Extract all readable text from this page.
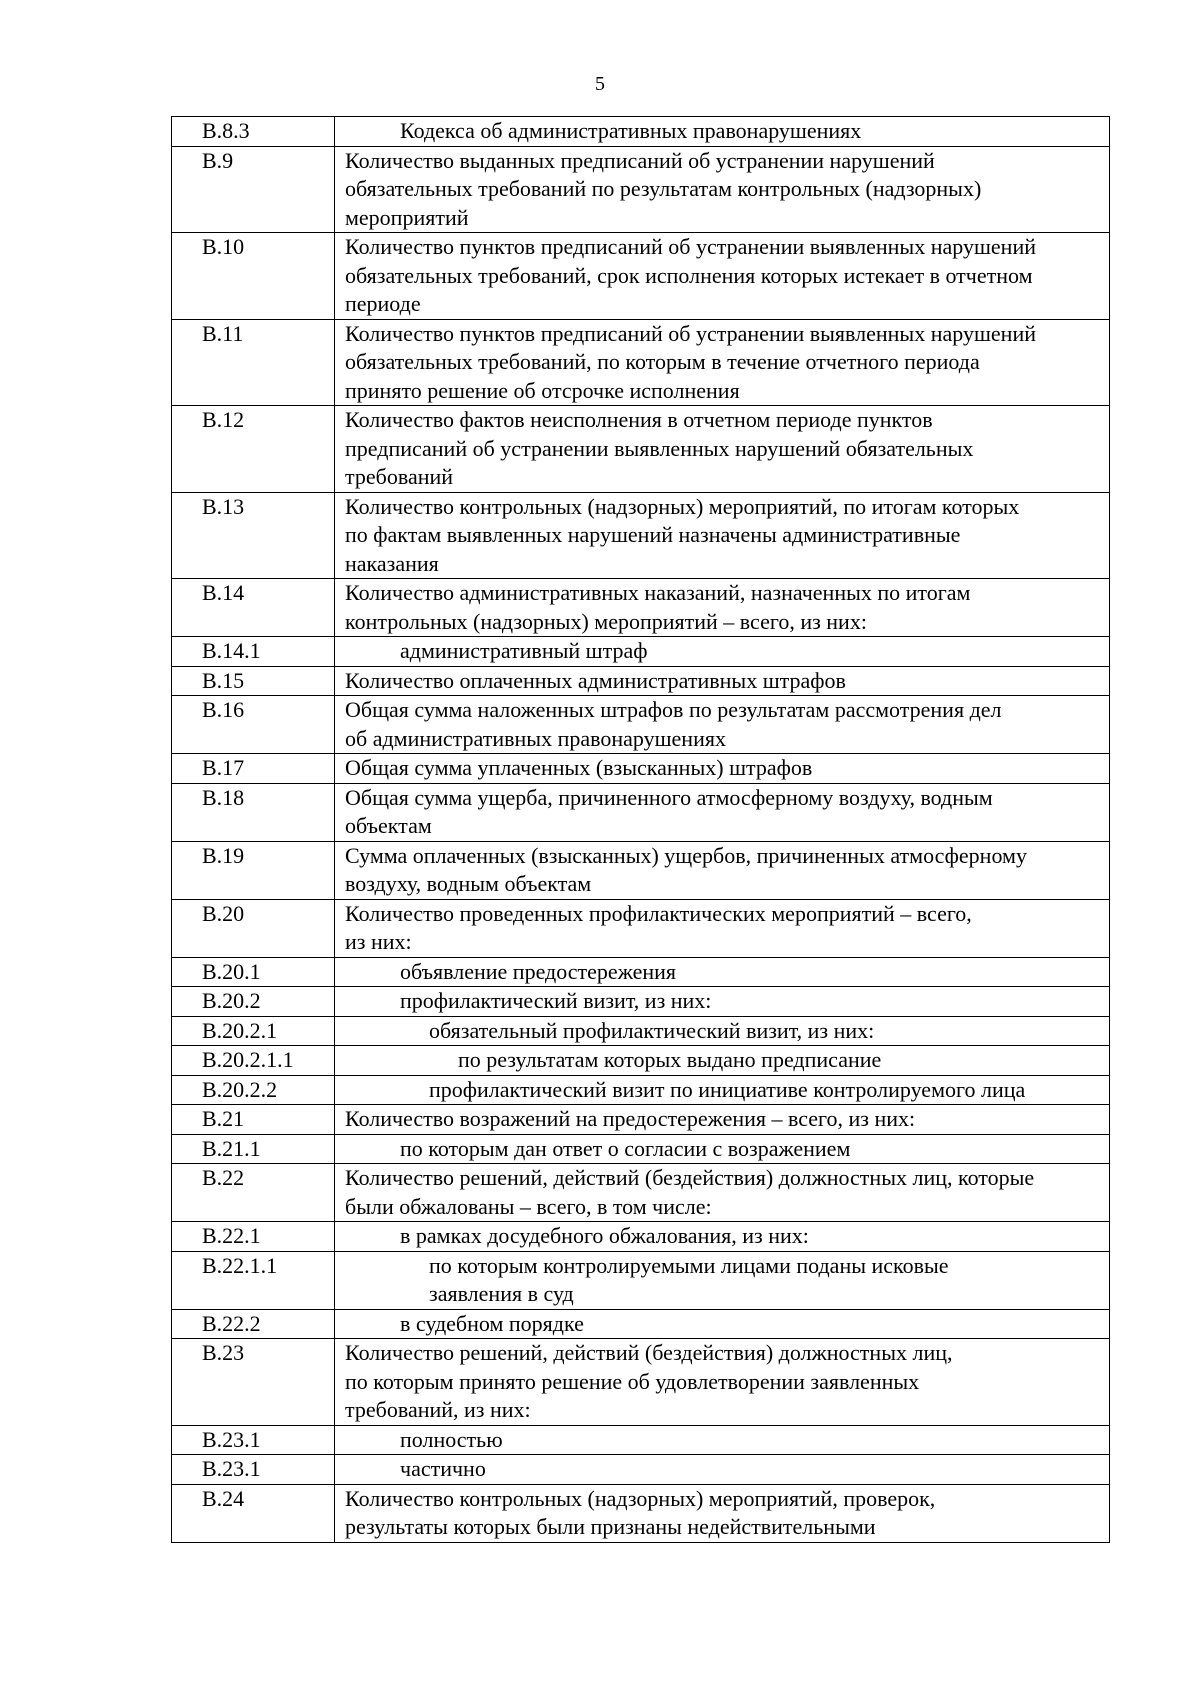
5
В.8.3	Кодекса об административных правонарушениях

В.9	Количество выданных предписаний об устранении нарушений
обязательных требований по результатам контрольных (надзорных)
мероприятий

В.10	Количество пунктов предписаний об устранении выявленных нарушений
обязательных требований, срок исполнения которых истекает в отчетном
периоде

В.11	Количество пунктов предписаний об устранении выявленных нарушений
обязательных требований, по которым в течение отчетного периода
принято решение об отсрочке исполнения

В.12	Количество фактов неисполнения в отчетном периоде пунктов
предписаний об устранении выявленных нарушений обязательных
требований

В.13	Количество контрольных (надзорных) мероприятий, по итогам которых
по фактам выявленных нарушений назначены административные
наказания

В.14	Количество административных наказаний, назначенных по итогам
контрольных (надзорных) мероприятий – всего, из них:

В.14.1	административный штраф

В.15	Количество оплаченных административных штрафов

В.16	Общая сумма наложенных штрафов по результатам рассмотрения дел
об административных правонарушениях

В.17	Общая сумма уплаченных (взысканных) штрафов

В.18	Общая сумма ущерба, причиненного атмосферному воздуху, водным
объектам

В.19	Сумма оплаченных (взысканных) ущербов, причиненных атмосферному
воздуху, водным объектам

В.20	Количество проведенных профилактических мероприятий – всего,
из них:

В.20.1	объявление предостережения

В.20.2	профилактический визит, из них:

В.20.2.1	обязательный профилактический визит, из них:

В.20.2.1.1	по результатам которых выдано предписание

В.20.2.2	профилактический визит по инициативе контролируемого лица

В.21	Количество возражений на предостережения – всего, из них:

В.21.1	по которым дан ответ о согласии с возражением

В.22	Количество решений, действий (бездействия) должностных лиц, которые
были обжалованы – всего, в том числе:

В.22.1	в рамках досудебного обжалования, из них:

В.22.1.1	по которым контролируемыми лицами поданы исковые
заявления в суд

В.22.2	в судебном порядке

В.23	Количество решений, действий (бездействия) должностных лиц,
по которым принято решение об удовлетворении заявленных
требований, из них:

В.23.1	полностью

В.23.1	частично

В.24	Количество контрольных (надзорных) мероприятий, проверок,
результаты которых были признаны недействительными
